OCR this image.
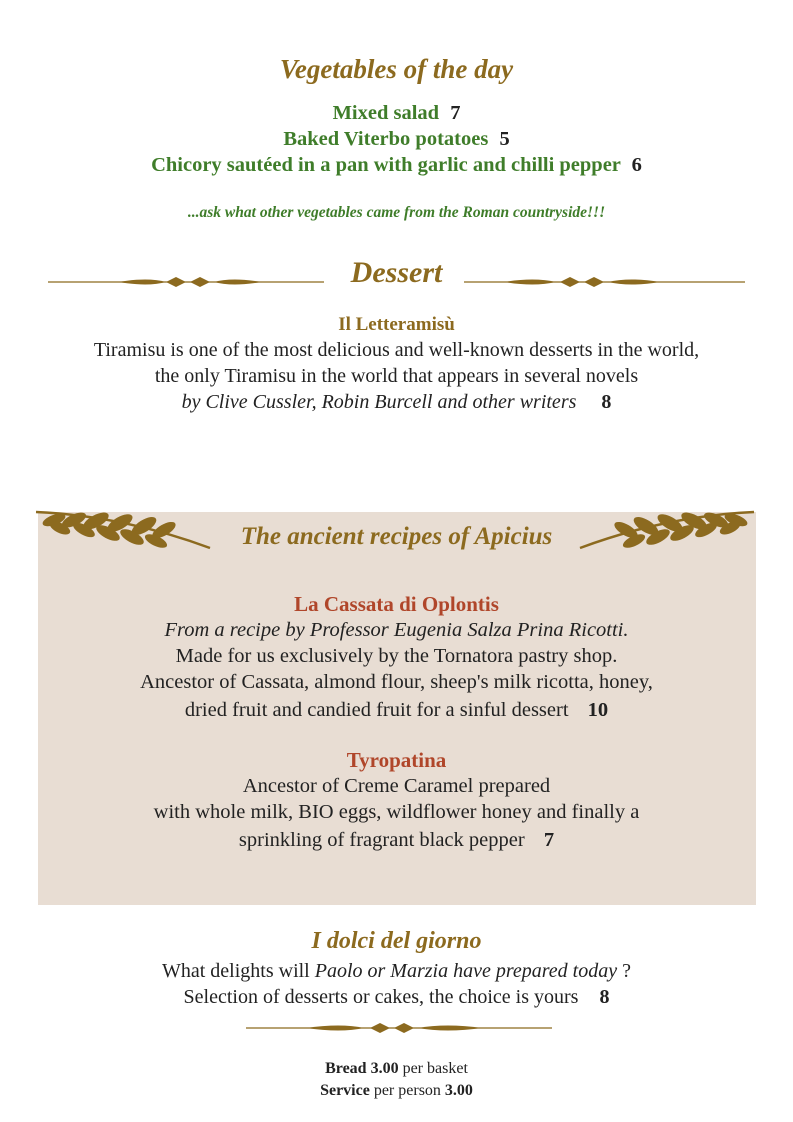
Vegetables of the day
Mixed salad 7
Baked Viterbo potatoes 5
Chicory sautéed in a pan with garlic and chilli pepper 6
...ask what other vegetables came from the Roman countryside!!!
Dessert
Il Letteramisù
Tiramisu is one of the most delicious and well-known desserts in the world,
the only Tiramisu in the world that appears in several novels
by Clive Cussler, Robin Burcell and other writers 8
The ancient recipes of Apicius
La Cassata di Oplontis
From a recipe by Professor Eugenia Salza Prina Ricotti.
Made for us exclusively by the Tornatora pastry shop.
Ancestor of Cassata, almond flour, sheep's milk ricotta, honey,
dried fruit and candied fruit for a sinful dessert 10
Tyropatina
Ancestor of Creme Caramel prepared
with whole milk, BIO eggs, wildflower honey and finally a
sprinkling of fragrant black pepper 7
I dolci del giorno
What delights will Paolo or Marzia have prepared today ?
Selection of desserts or cakes, the choice is yours 8
Bread 3.00 per basket
Service per person 3.00
